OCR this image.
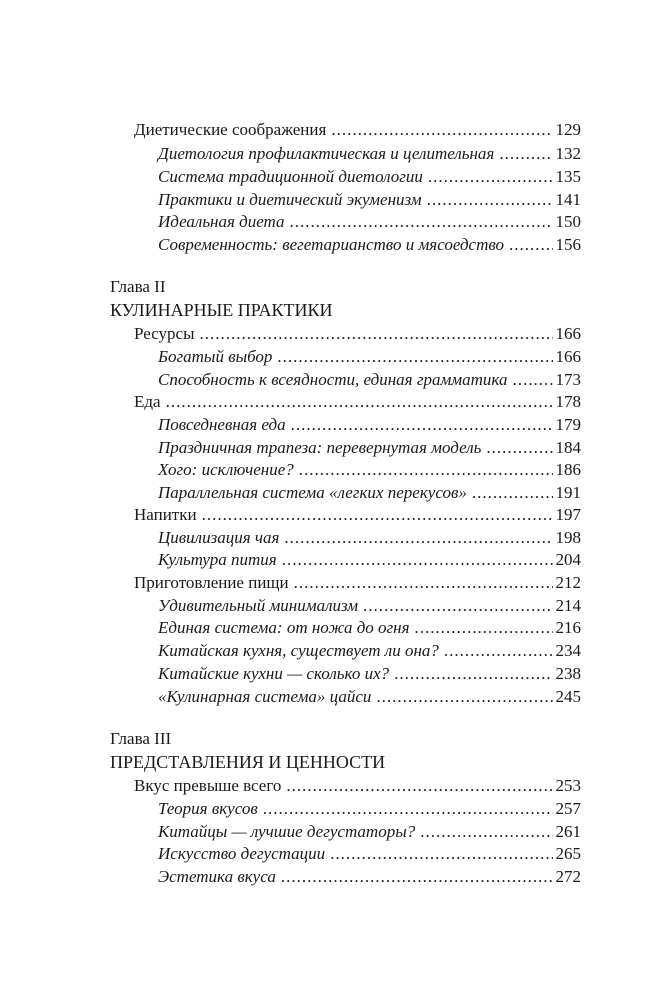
Диетические соображения .....	129
Диетология профилактическая и целительная .....	132
Система традиционной диетологии .....	135
Практики и диетический экуменизм .....	141
Идеальная диета .....	150
Современность: вегетарианство и мясоедство .....	156
Глава II
КУЛИНАРНЫЕ ПРАКТИКИ
Ресурсы .....	166
Богатый выбор .....	166
Способность к всеядности, единая грамматика .....	173
Еда .....	178
Повседневная еда .....	179
Праздничная трапеза: перевернутая модель .....	184
Хого: исключение? .....	186
Параллельная система «легких перекусов» .....	191
Напитки .....	197
Цивилизация чая .....	198
Культура пития .....	204
Приготовление пищи .....	212
Удивительный минимализм .....	214
Единая система: от ножа до огня .....	216
Китайская кухня, существует ли она? .....	234
Китайские кухни — сколько их? .....	238
«Кулинарная система» цайси .....	245
Глава III
ПРЕДСТАВЛЕНИЯ И ЦЕННОСТИ
Вкус превыше всего .....	253
Теория вкусов .....	257
Китайцы — лучшие дегустаторы? .....	261
Искусство дегустации .....	265
Эстетика вкуса .....	272
